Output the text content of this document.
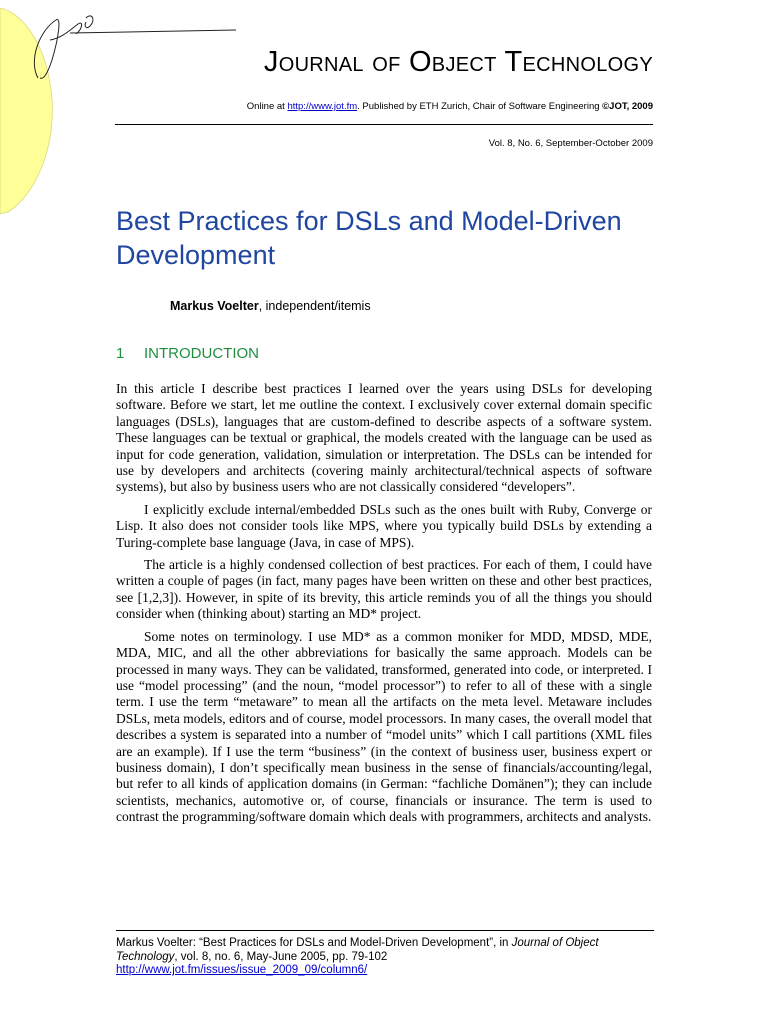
Journal of Object Technology
Online at http://www.jot.fm. Published by ETH Zurich, Chair of Software Engineering ©JOT, 2009
Vol. 8, No. 6, September-October 2009
Best Practices for DSLs and Model-Driven Development
Markus Voelter, independent/itemis
1 INTRODUCTION

In this article I describe best practices I learned over the years using DSLs for developing software. Before we start, let me outline the context. I exclusively cover external domain specific languages (DSLs), languages that are custom-defined to describe aspects of a software system. These languages can be textual or graphical, the models created with the language can be used as input for code generation, validation, simulation or interpretation. The DSLs can be intended for use by developers and architects (covering mainly architectural/technical aspects of software systems), but also by business users who are not classically considered “developers”.

I explicitly exclude internal/embedded DSLs such as the ones built with Ruby, Converge or Lisp. It also does not consider tools like MPS, where you typically build DSLs by extending a Turing-complete base language (Java, in case of MPS).

The article is a highly condensed collection of best practices. For each of them, I could have written a couple of pages (in fact, many pages have been written on these and other best practices, see [1,2,3]). However, in spite of its brevity, this article reminds you of all the things you should consider when (thinking about) starting an MD* project.

Some notes on terminology. I use MD* as a common moniker for MDD, MDSD, MDE, MDA, MIC, and all the other abbreviations for basically the same approach. Models can be processed in many ways. They can be validated, transformed, generated into code, or interpreted. I use “model processing” (and the noun, “model processor”) to refer to all of these with a single term. I use the term “metaware” to mean all the artifacts on the meta level. Metaware includes DSLs, meta models, editors and of course, model processors. In many cases, the overall model that describes a system is separated into a number of “model units” which I call partitions (XML files are an example). If I use the term “business” (in the context of business user, business expert or business domain), I don’t specifically mean business in the sense of financials/accounting/legal, but refer to all kinds of application domains (in German: “fachliche Domänen”); they can include scientists, mechanics, automotive or, of course, financials or insurance. The term is used to contrast the programming/software domain which deals with programmers, architects and analysts.

Markus Voelter: “Best Practices for DSLs and Model-Driven Development”, in Journal of Object Technology, vol. 8, no. 6, May-June 2005, pp. 79-102
http://www.jot.fm/issues/issue_2009_09/column6/
